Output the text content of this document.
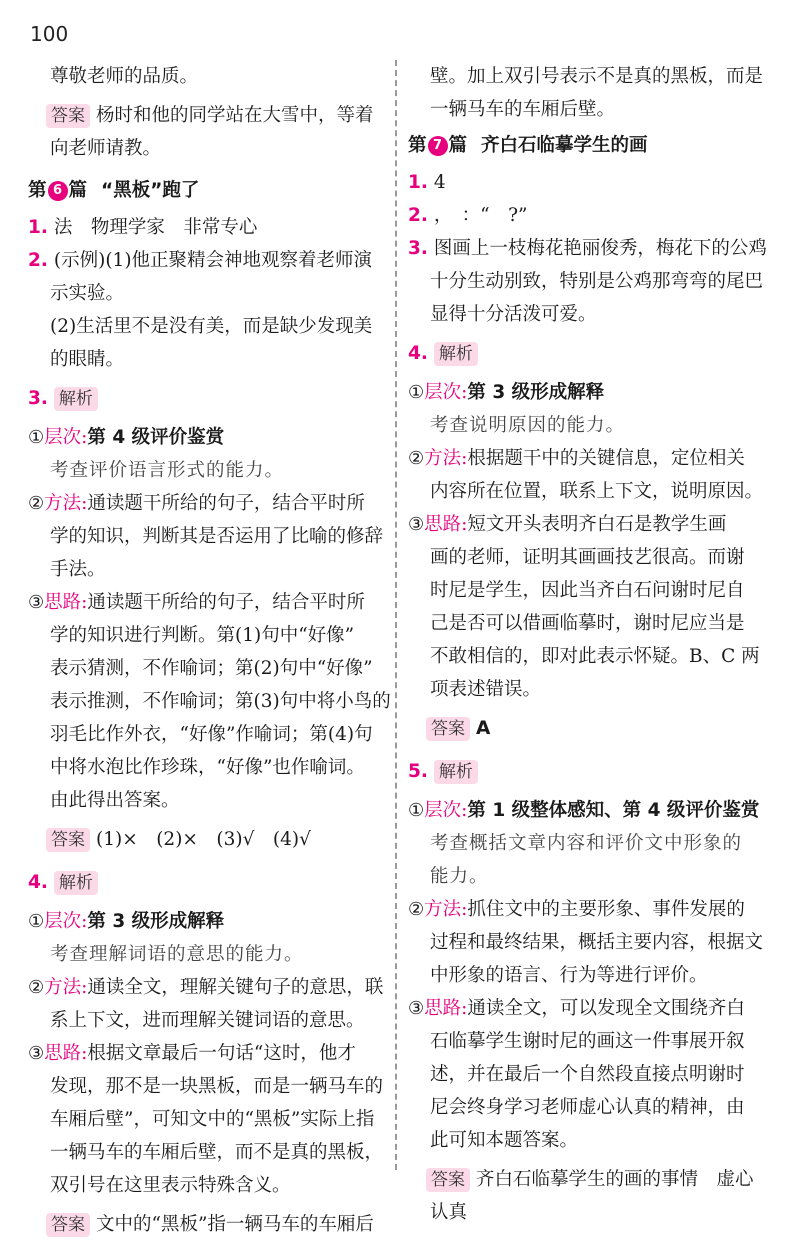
100
尊敬老师的品质。
答案 杨时和他的同学站在大雪中，等着
向老师请教。
第 6 篇 “黑板”跑了
1. 法　物理学家　非常专心
2. (示例)(1)他正聚精会神地观察着老师演
示实验。
(2)生活里不是没有美，而是缺少发现美
的眼睛。
3. 解析
①层次:第 4 级评价鉴赏
考查评价语言形式的能力。
②方法:通读题干所给的句子，结合平时所
学的知识，判断其是否运用了比喻的修辞
手法。
③思路:通读题干所给的句子，结合平时所
学的知识进行判断。第(1)句中“好像”
表示猜测，不作喻词；第(2)句中“好像”
表示推测，不作喻词；第(3)句中将小鸟的
羽毛比作外衣，“好像”作喻词；第(4)句
中将水泡比作珍珠，“好像”也作喻词。
由此得出答案。
答案 (1)×　(2)×　(3)√　(4)√
4. 解析
①层次:第 3 级形成解释
考查理解词语的意思的能力。
②方法:通读全文，理解关键句子的意思，联
系上下文，进而理解关键词语的意思。
③思路:根据文章最后一句话“这时，他才
发现，那不是一块黑板，而是一辆马车的
车厢后壁”，可知文中的“黑板”实际上指
一辆马车的车厢后壁，而不是真的黑板，
双引号在这里表示特殊含义。
答案 文中的“黑板”指一辆马车的车厢后
壁。加上双引号表示不是真的黑板，而是
一辆马车的车厢后壁。
第 7 篇 齐白石临摹学生的画
1. 4
2. ，　：“　?”
3. 图画上一枝梅花艳丽俊秀，梅花下的公鸡
十分生动别致，特别是公鸡那弯弯的尾巴
显得十分活泼可爱。
4. 解析
①层次:第 3 级形成解释
考查说明原因的能力。
②方法:根据题干中的关键信息，定位相关
内容所在位置，联系上下文，说明原因。
③思路:短文开头表明齐白石是教学生画
画的老师，证明其画画技艺很高。而谢
时尼是学生，因此当齐白石问谢时尼自
己是否可以借画临摹时，谢时尼应当是
不敢相信的，即对此表示怀疑。B、C 两
项表述错误。
答案 A
5. 解析
①层次:第 1 级整体感知、第 4 级评价鉴赏
考查概括文章内容和评价文中形象的
能力。
②方法:抓住文中的主要形象、事件发展的
过程和最终结果，概括主要内容，根据文
中形象的语言、行为等进行评价。
③思路:通读全文，可以发现全文围绕齐白
石临摹学生谢时尼的画这一件事展开叙
述，并在最后一个自然段直接点明谢时
尼会终身学习老师虚心认真的精神，由
此可知本题答案。
答案 齐白石临摹学生的画的事情　虚心
认真
